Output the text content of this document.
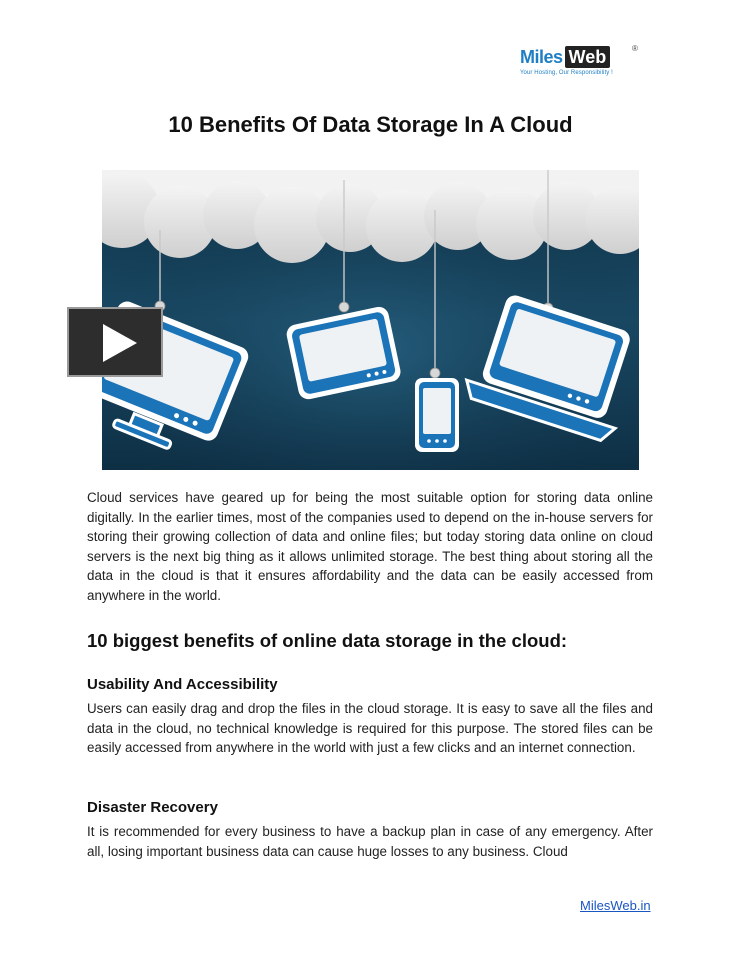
Miles Web	®
Your Hosting, Our Responsibility !
10 Benefits Of Data Storage In A Cloud

Cloud services have geared up for being the most suitable option for storing data online digitally. In the earlier times, most of the companies used to depend on the in-house servers for storing their growing collection of data and online files; but today storing data online on cloud servers is the next big thing as it allows unlimited storage. The best thing about storing all the data in the cloud is that it ensures affordability and the data can be easily accessed from anywhere in the world.

10 biggest benefits of online data storage in the cloud:
Usability And Accessibility

Users can easily drag and drop the files in the cloud storage. It is easy to save all the files and data in the cloud, no technical knowledge is required for this purpose. The stored files can be easily accessed from anywhere in the world with just a few clicks and an internet connection.

Disaster Recovery

It is recommended for every business to have a backup plan in case of any emergency. After all, losing important business data can cause huge losses to any business. Cloud

MilesWeb.in
